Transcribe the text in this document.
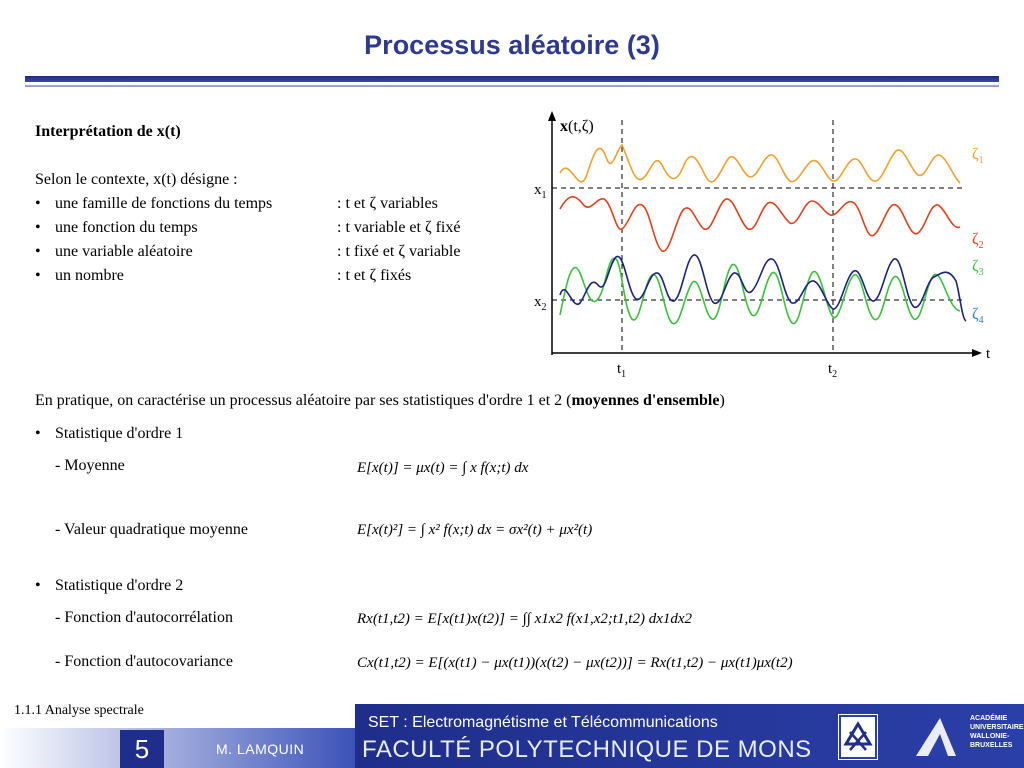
Processus aléatoire (3)
Interprétation de x(t)
Selon le contexte, x(t) désigne :
• une famille de fonctions du temps	: t et ζ variables
• une fonction du temps	: t variable et ζ fixé
• une variable aléatoire	: t fixé et ζ variable
• un nombre	: t et ζ fixés
x(t,ζ)
$x_1$
$x_2$
$t_1$	$t_2$
t
$\zeta_1$
$\zeta_2$
$\zeta_3$
$\zeta_4$
En pratique, on caractérise un processus aléatoire par ses statistiques d'ordre 1 et 2 (moyennes d'ensemble)
• Statistique d'ordre 1
- Moyenne	E[x(t)] = μx(t) = ∫ x f(x;t) dx
- Valeur quadratique moyenne	E[x(t)²] = ∫ x² f(x;t) dx = σx²(t) + μx²(t)
• Statistique d'ordre 2
- Fonction d'autocorrélation	Rx(t1,t2) = E[x(t1)x(t2)] = ∫∫ x1x2 f(x1,x2;t1,t2) dx1dx2
- Fonction d'autocovariance	Cx(t1,t2) = E[(x(t1) − μx(t1))(x(t2) − μx(t2))] = Rx(t1,t2) − μx(t1)μx(t2)
1.1.1 Analyse spectrale
5	M. LAMQUIN
SET : Electromagnétisme et Télécommunications
FACULTÉ POLYTECHNIQUE DE MONS
ACADÉMIE UNIVERSITAIRE WALLONIE-BRUXELLES
